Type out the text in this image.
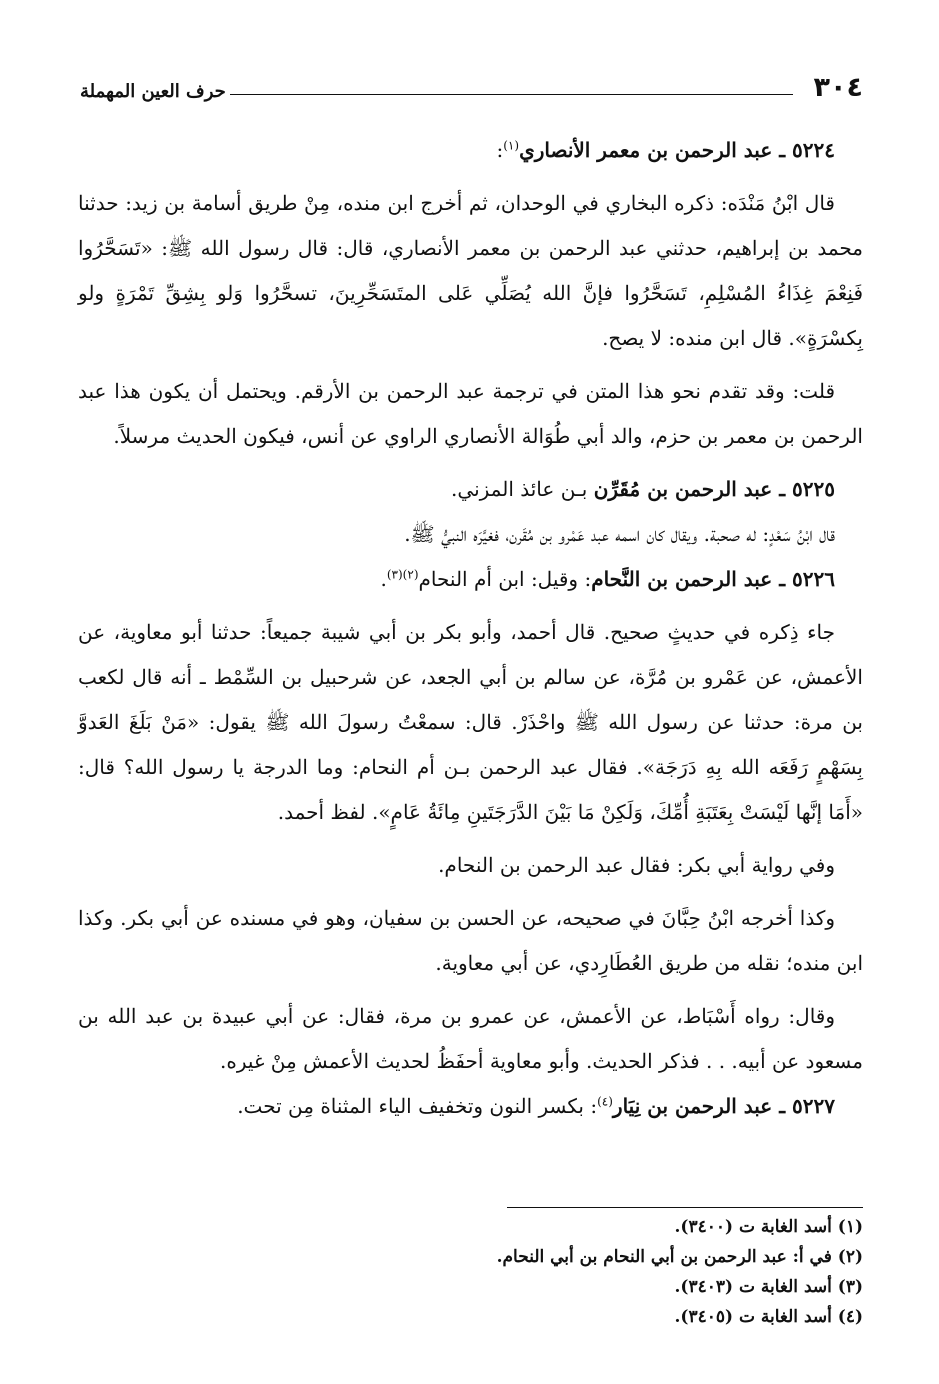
٣٠٤
حرف العين المهملة

٥٢٢٤ ـ عبد الرحمن بن معمر الأنصاري$^{(١)}$:

قال ابْنُ مَنْدَه: ذكره البخاري في الوحدان، ثم أخرج ابن منده، مِنْ طريق أسامة بن زيد: حدثنا محمد بن إبراهيم، حدثني عبد الرحمن بن معمر الأنصاري، قال: قال رسول الله ﷺ: «تَسَحَّرُوا فَنِعْمَ غِذَاءُ المُسْلِمِ، تَسَحَّرُوا فإنَّ الله يُصَلِّي عَلى المتَسَحِّرِينَ، تسحَّرُوا وَلو بِشِقِّ تَمْرَةٍ ولو بِكسْرَةٍ». قال ابن منده: لا يصح.

قلت: وقد تقدم نحو هذا المتن في ترجمة عبد الرحمن بن الأرقم. ويحتمل أن يكون هذا عبد الرحمن بن معمر بن حزم، والد أبي طُوَالة الأنصاري الراوي عن أنس، فيكون الحديث مرسلاً.

٥٢٢٥ ـ عبد الرحمن بن مُقَرِّن بـن عائذ المزني.

قال ابْنُ سَعْدٍ: له صحبة. ويقال كان اسمه عبد عَمْرو بن مُقَرن، فغيَّرَه النبيُّ ﷺ.

٥٢٢٦ ـ عبد الرحمن بن النَّحام: وقيل: ابن أم النحام$^{(٢)(٣)}$.

جاء ذِكره في حديثٍ صحيح. قال أحمد، وأبو بكر بن أبي شيبة جميعاً: حدثنا أبو معاوية، عن الأعمش، عن عَمْرو بن مُرَّة، عن سالم بن أبي الجعد، عن شرحبيل بن السِّمْط ـ أنه قال لكعب بن مرة: حدثنا عن رسول الله ﷺ واحْذَرْ. قال: سمعْتُ رسولَ الله ﷺ يقول: «مَنْ بَلَغَ العَدوَّ بِسَهْمٍ رَفَعَه الله بِهِ دَرَجَة». فقال عبد الرحمن بـن أم النحام: وما الدرجة يا رسول الله؟ قال: «أَمَا إنَّها لَيْسَتْ بِعَتَبَةِ أُمِّكَ، وَلَكِنْ مَا بَيْنَ الدَّرَجَتَينِ مِائَةُ عَامٍ». لفظ أحمد.

وفي رواية أبي بكر: فقال عبد الرحمن بن النحام.

وكذا أخرجه ابْنُ حِبَّانَ في صحيحه، عن الحسن بن سفيان، وهو في مسنده عن أبي بكر. وكذا ابن منده؛ نقله من طريق العُطَارِدي، عن أبي معاوية.

وقال: رواه أَسْبَاط، عن الأعمش، عن عمرو بن مرة، فقال: عن أبي عبيدة بن عبد الله بن مسعود عن أبيه. . . فذكر الحديث. وأبو معاوية أحفَظُ لحديث الأعمش مِنْ غيره.

٥٢٢٧ ـ عبد الرحمن بن نِيَار$^{(٤)}$: بكسر النون وتخفيف الياء المثناة مِن تحت.

(١) أسد الغابة ت (٣٤٠٠).

(٢) في أ: عبد الرحمن بن أبي النحام بن أبي النحام.

(٣) أسد الغابة ت (٣٤٠٣).

(٤) أسد الغابة ت (٣٤٠٥).
